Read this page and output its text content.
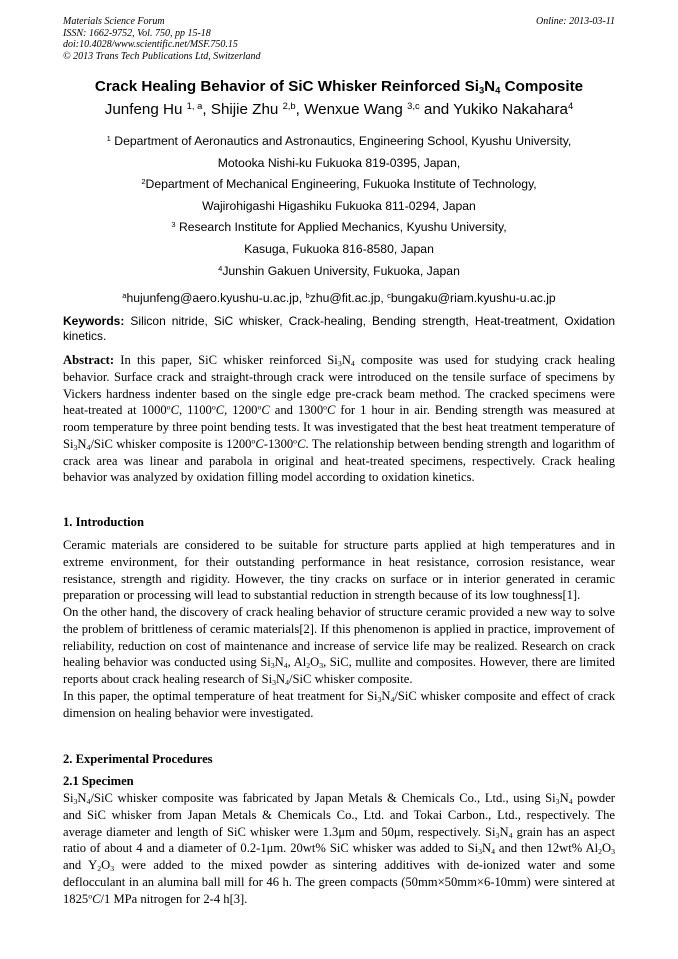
Materials Science Forum
ISSN: 1662-9752, Vol. 750, pp 15-18
doi:10.4028/www.scientific.net/MSF.750.15
© 2013 Trans Tech Publications Ltd, Switzerland
Online: 2013-03-11
Crack Healing Behavior of SiC Whisker Reinforced $Si_3N_4$ Composite
Junfeng Hu $^{1, a}$, Shijie Zhu $^{2,b}$, Wenxue Wang $^{3,c}$ and Yukiko Nakahara$^4$
$^1$ Department of Aeronautics and Astronautics, Engineering School, Kyushu University,
Motooka Nishi-ku Fukuoka 819-0395, Japan,
$^2$Department of Mechanical Engineering, Fukuoka Institute of Technology,
Wajirohigashi Higashiku Fukuoka 811-0294, Japan
$^3$ Research Institute for Applied Mechanics, Kyushu University,
Kasuga, Fukuoka 816-8580, Japan
$^4$Junshin Gakuen University, Fukuoka, Japan
$^a$hujunfeng@aero.kyushu-u.ac.jp, $^b$zhu@fit.ac.jp, $^c$bungaku@riam.kyushu-u.ac.jp
Keywords: Silicon nitride, SiC whisker, Crack-healing, Bending strength, Heat-treatment, Oxidation kinetics.

Abstract: In this paper, SiC whisker reinforced $Si_3N_4$ composite was used for studying crack healing behavior. Surface crack and straight-through crack were introduced on the tensile surface of specimens by Vickers hardness indenter based on the single edge pre-crack beam method. The cracked specimens were heat-treated at 1000$^o$C, 1100$^o$C, 1200$^o$C and 1300$^o$C for 1 hour in air. Bending strength was measured at room temperature by three point bending tests. It was investigated that the best heat treatment temperature of $Si_3N_4$/SiC whisker composite is 1200$^o$C-1300$^o$C. The relationship between bending strength and logarithm of crack area was linear and parabola in original and heat-treated specimens, respectively. Crack healing behavior was analyzed by oxidation filling model according to oxidation kinetics.

1. Introduction

Ceramic materials are considered to be suitable for structure parts applied at high temperatures and in extreme environment, for their outstanding performance in heat resistance, corrosion resistance, wear resistance, strength and rigidity. However, the tiny cracks on surface or in interior generated in ceramic preparation or processing will lead to substantial reduction in strength because of its low toughness[1].

On the other hand, the discovery of crack healing behavior of structure ceramic provided a new way to solve the problem of brittleness of ceramic materials[2]. If this phenomenon is applied in practice, improvement of reliability, reduction on cost of maintenance and increase of service life may be realized. Research on crack healing behavior was conducted using $Si_3N_4$, $Al_2O_3$, SiC, mullite and composites. However, there are limited reports about crack healing research of $Si_3N_4$/SiC whisker composite.

In this paper, the optimal temperature of heat treatment for $Si_3N_4$/SiC whisker composite and effect of crack dimension on healing behavior were investigated.

2. Experimental Procedures
2.1 Specimen

$Si_3N_4$/SiC whisker composite was fabricated by Japan Metals & Chemicals Co., Ltd., using $Si_3N_4$ powder and SiC whisker from Japan Metals & Chemicals Co., Ltd. and Tokai Carbon., Ltd., respectively. The average diameter and length of SiC whisker were 1.3μm and 50μm, respectively. $Si_3N_4$ grain has an aspect ratio of about 4 and a diameter of 0.2-1μm. 20wt% SiC whisker was added to $Si_3N_4$ and then 12wt% $Al_2O_3$ and $Y_2O_3$ were added to the mixed powder as sintering additives with de-ionized water and some deflocculant in an alumina ball mill for 46 h. The green compacts (50mm×50mm×6-10mm) were sintered at 1825$^o$C/1 MPa nitrogen for 2-4 h[3].
